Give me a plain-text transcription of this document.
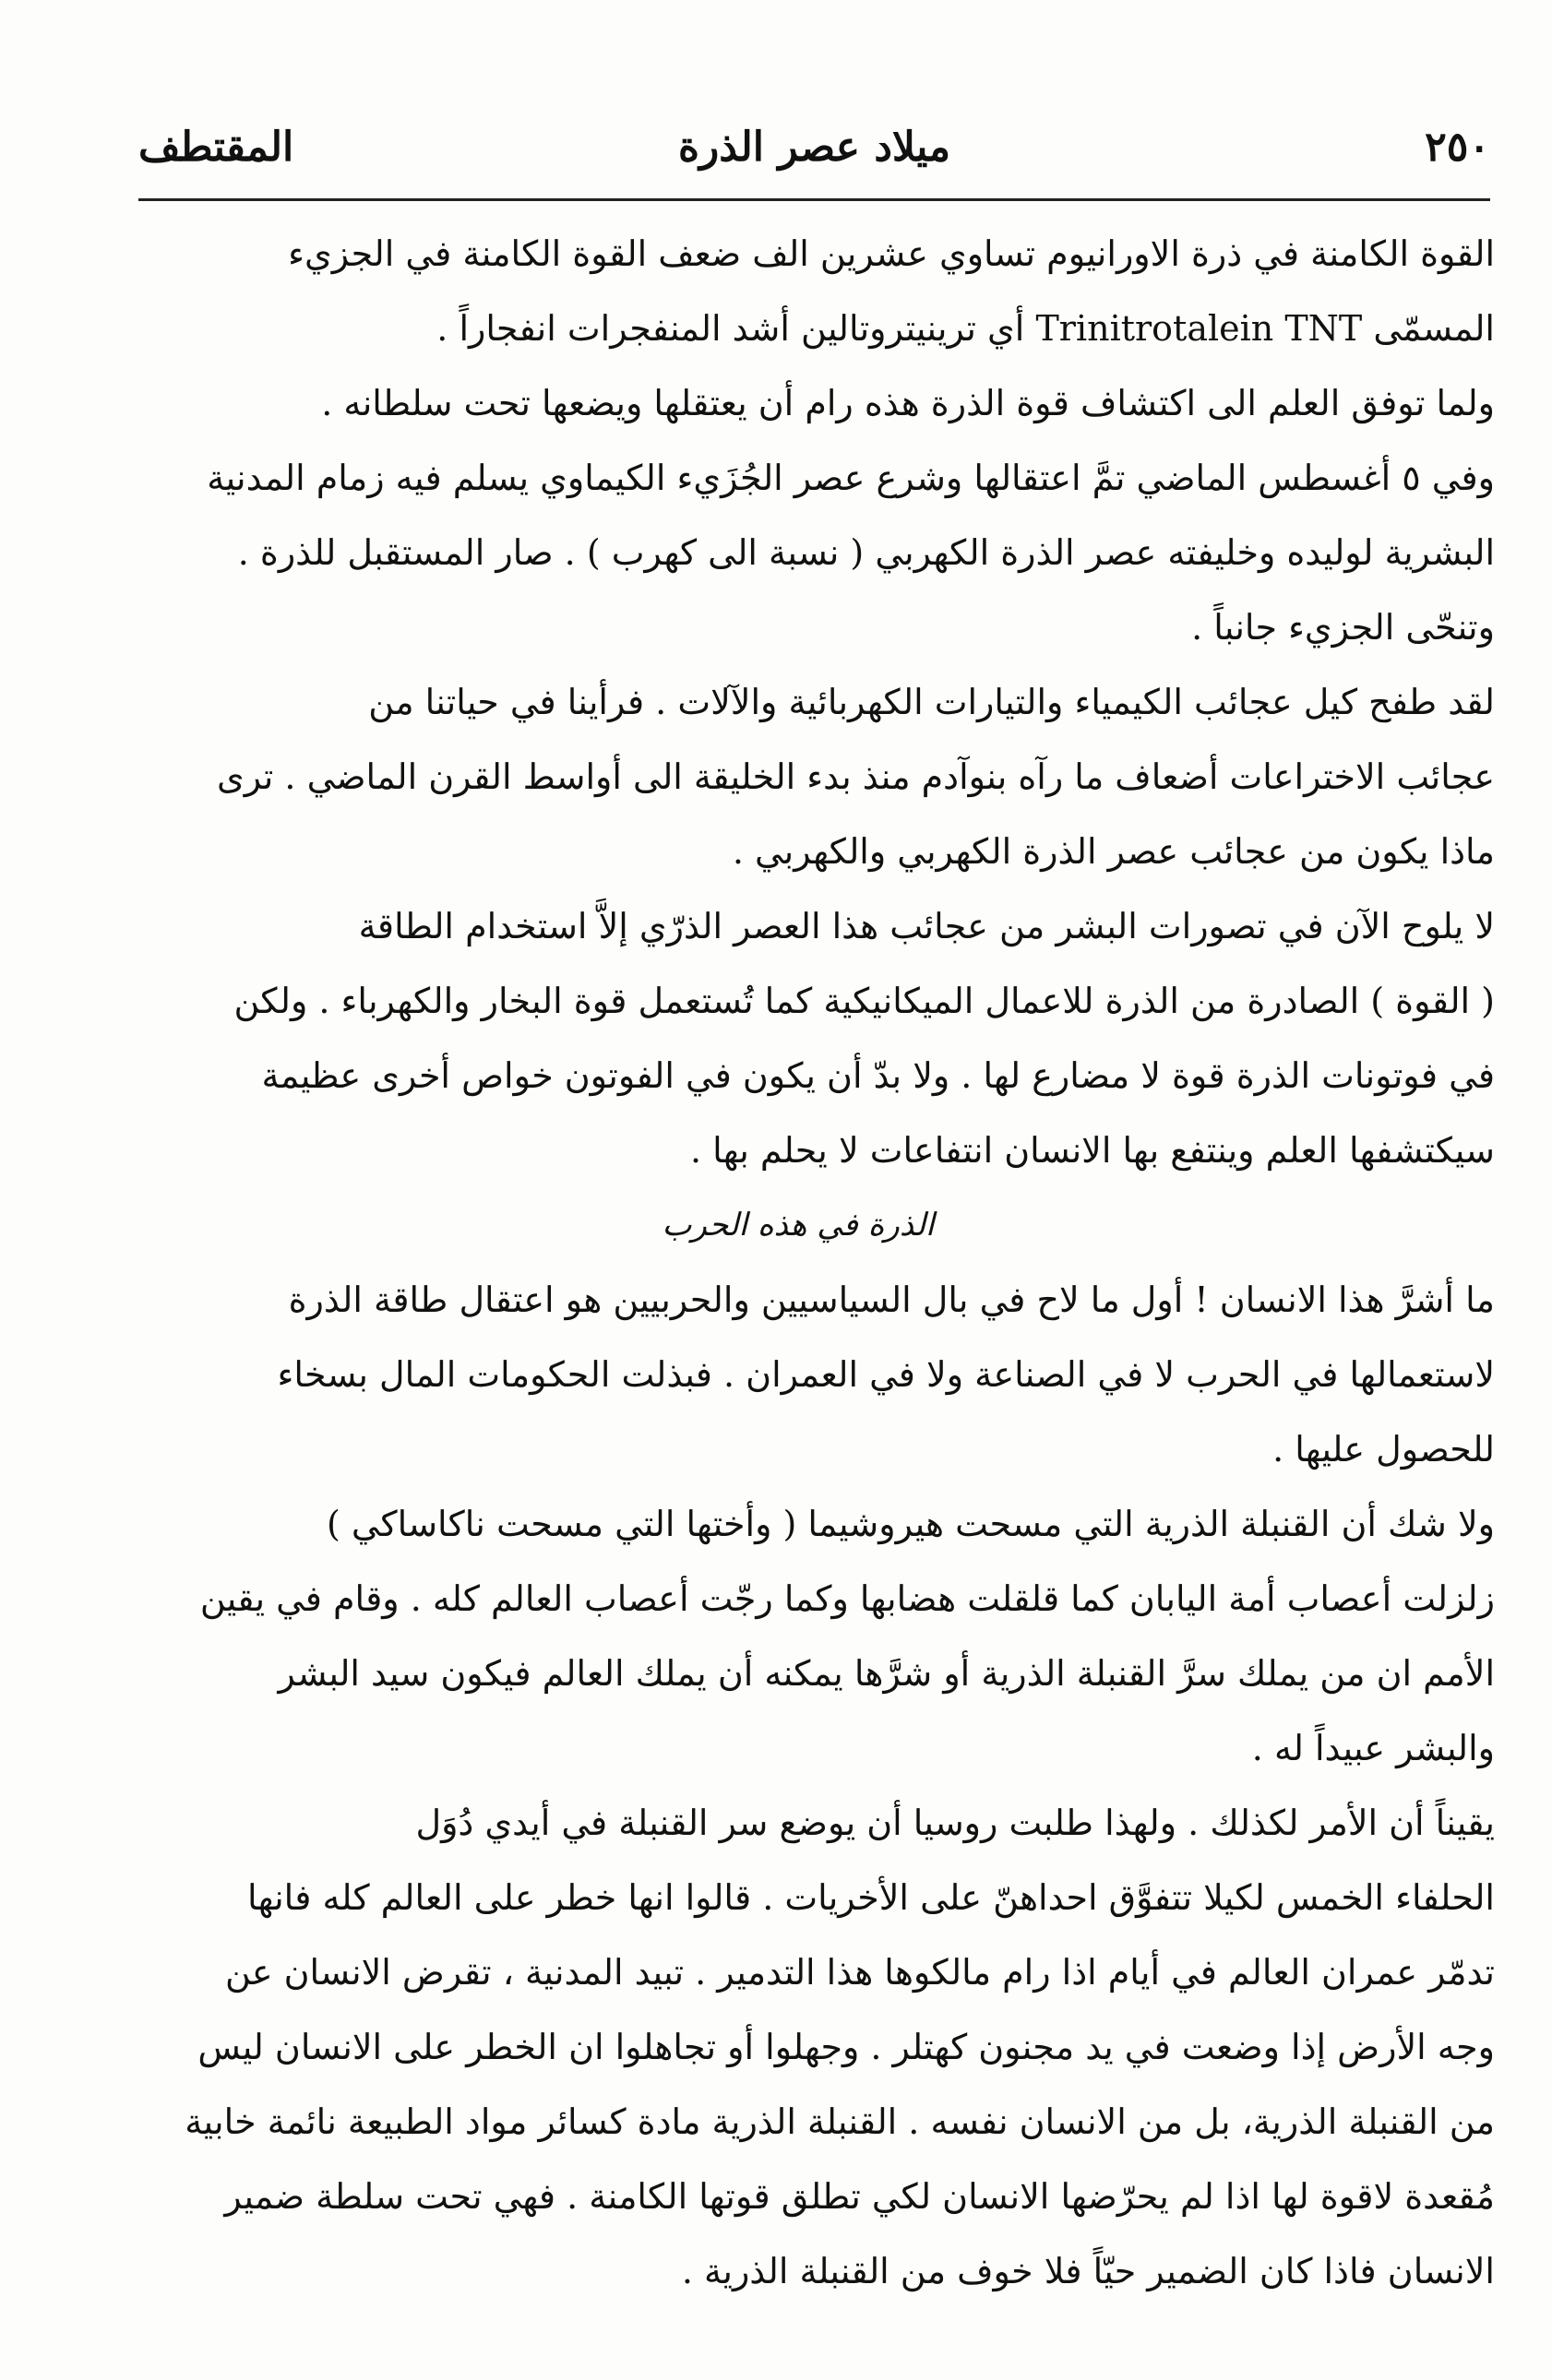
٢٥٠
ميلاد عصر الذرة
المقتطف
القوة الكامنة في ذرة الاورانيوم تساوي عشرين الف ضعف القوة الكامنة في الجزيء
المسمّى Trinitrotalein TNT أي ترينيتروتالين أشد المنفجرات انفجاراً .
ولما توفق العلم الى اكتشاف قوة الذرة هذه رام أن يعتقلها ويضعها تحت سلطانه .
وفي ٥ أغسطس الماضي تمَّ اعتقالها وشرع عصر الجُزَيء الكيماوي يسلم فيه زمام المدنية
البشرية لوليده وخليفته عصر الذرة الكهربي ( نسبة الى كهرب ) . صار المستقبل للذرة .
وتنحّى الجزيء جانباً .
لقد طفح كيل عجائب الكيمياء والتيارات الكهربائية والآلات . فرأينا في حياتنا من
عجائب الاختراعات أضعاف ما رآه بنوآدم منذ بدء الخليقة الى أواسط القرن الماضي . ترى
ماذا يكون من عجائب عصر الذرة الكهربي والكهربي .
لا يلوح الآن في تصورات البشر من عجائب هذا العصر الذرّي إلاَّ استخدام الطاقة
( القوة ) الصادرة من الذرة للاعمال الميكانيكية كما تُستعمل قوة البخار والكهرباء . ولكن
في فوتونات الذرة قوة لا مضارع لها . ولا بدّ أن يكون في الفوتون خواص أخرى عظيمة
سيكتشفها العلم وينتفع بها الانسان انتفاعات لا يحلم بها .
الذرة في هذه الحرب
ما أشرَّ هذا الانسان ! أول ما لاح في بال السياسيين والحربيين هو اعتقال طاقة الذرة
لاستعمالها في الحرب لا في الصناعة ولا في العمران . فبذلت الحكومات المال بسخاء
للحصول عليها .
ولا شك أن القنبلة الذرية التي مسحت هيروشيما ( وأختها التي مسحت ناكاساكي )
زلزلت أعصاب أمة اليابان كما قلقلت هضابها وكما رجّت أعصاب العالم كله . وقام في يقين
الأمم ان من يملك سرَّ القنبلة الذرية أو شرَّها يمكنه أن يملك العالم فيكون سيد البشر
والبشر عبيداً له .
يقيناً أن الأمر لكذلك . ولهذا طلبت روسيا أن يوضع سر القنبلة في أيدي دُوَل
الحلفاء الخمس لكيلا تتفوَّق احداهنّ على الأخريات . قالوا انها خطر على العالم كله فانها
تدمّر عمران العالم في أيام اذا رام مالكوها هذا التدمير . تبيد المدنية ، تقرض الانسان عن
وجه الأرض إذا وضعت في يد مجنون كهتلر . وجهلوا أو تجاهلوا ان الخطر على الانسان ليس
من القنبلة الذرية، بل من الانسان نفسه . القنبلة الذرية مادة كسائر مواد الطبيعة نائمة خابية
مُقعدة لاقوة لها اذا لم يحرّضها الانسان لكي تطلق قوتها الكامنة . فهي تحت سلطة ضمير
الانسان فاذا كان الضمير حيّاً فلا خوف من القنبلة الذرية .
